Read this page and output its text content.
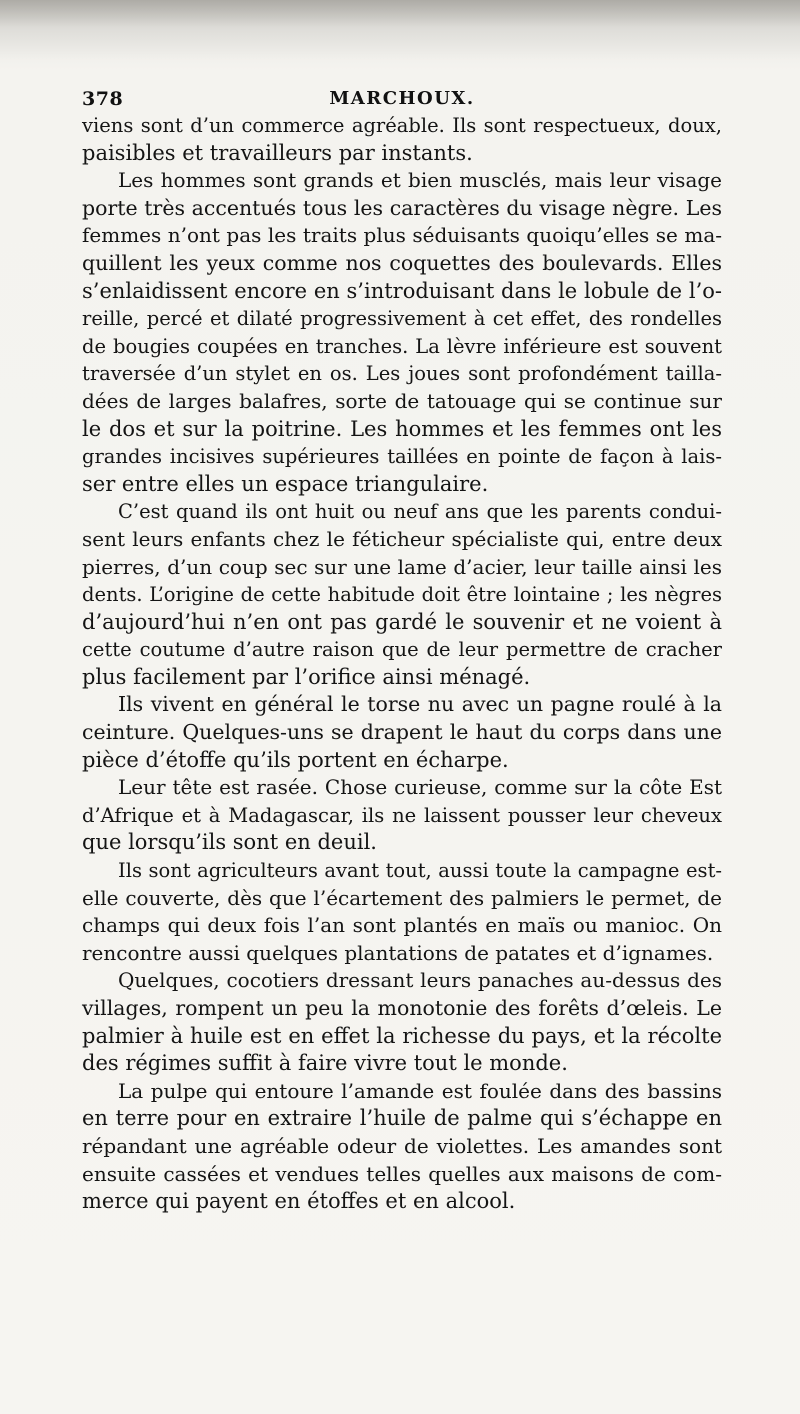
378	MARCHOUX.
viens sont d’un commerce agréable. Ils sont respectueux, doux,
paisibles et travailleurs par instants.
Les hommes sont grands et bien musclés, mais leur visage
porte très accentués tous les caractères du visage nègre. Les
femmes n’ont pas les traits plus séduisants quoiqu’elles se ma-
quillent les yeux comme nos coquettes des boulevards. Elles
s’enlaidissent encore en s’introduisant dans le lobule de l’o-
reille, percé et dilaté progressivement à cet effet, des rondelles
de bougies coupées en tranches. La lèvre inférieure est souvent
traversée d’un stylet en os. Les joues sont profondément tailla-
dées de larges balafres, sorte de tatouage qui se continue sur
le dos et sur la poitrine. Les hommes et les femmes ont les
grandes incisives supérieures taillées en pointe de façon à lais-
ser entre elles un espace triangulaire.
C’est quand ils ont huit ou neuf ans que les parents condui-
sent leurs enfants chez le féticheur spécialiste qui, entre deux
pierres, d’un coup sec sur une lame d’acier, leur taille ainsi les
dents. L’origine de cette habitude doit être lointaine ; les nègres
d’aujourd’hui n’en ont pas gardé le souvenir et ne voient à
cette coutume d’autre raison que de leur permettre de cracher
plus facilement par l’orifice ainsi ménagé.
Ils vivent en général le torse nu avec un pagne roulé à la
ceinture. Quelques-uns se drapent le haut du corps dans une
pièce d’étoffe qu’ils portent en écharpe.
Leur tête est rasée. Chose curieuse, comme sur la côte Est
d’Afrique et à Madagascar, ils ne laissent pousser leur cheveux
que lorsqu’ils sont en deuil.
Ils sont agriculteurs avant tout, aussi toute la campagne est-
elle couverte, dès que l’écartement des palmiers le permet, de
champs qui deux fois l’an sont plantés en maïs ou manioc. On
rencontre aussi quelques plantations de patates et d’ignames.
Quelques, cocotiers dressant leurs panaches au-dessus des
villages, rompent un peu la monotonie des forêts d’œleis. Le
palmier à huile est en effet la richesse du pays, et la récolte
des régimes suffit à faire vivre tout le monde.
La pulpe qui entoure l’amande est foulée dans des bassins
en terre pour en extraire l’huile de palme qui s’échappe en
répandant une agréable odeur de violettes. Les amandes sont
ensuite cassées et vendues telles quelles aux maisons de com-
merce qui payent en étoffes et en alcool.
